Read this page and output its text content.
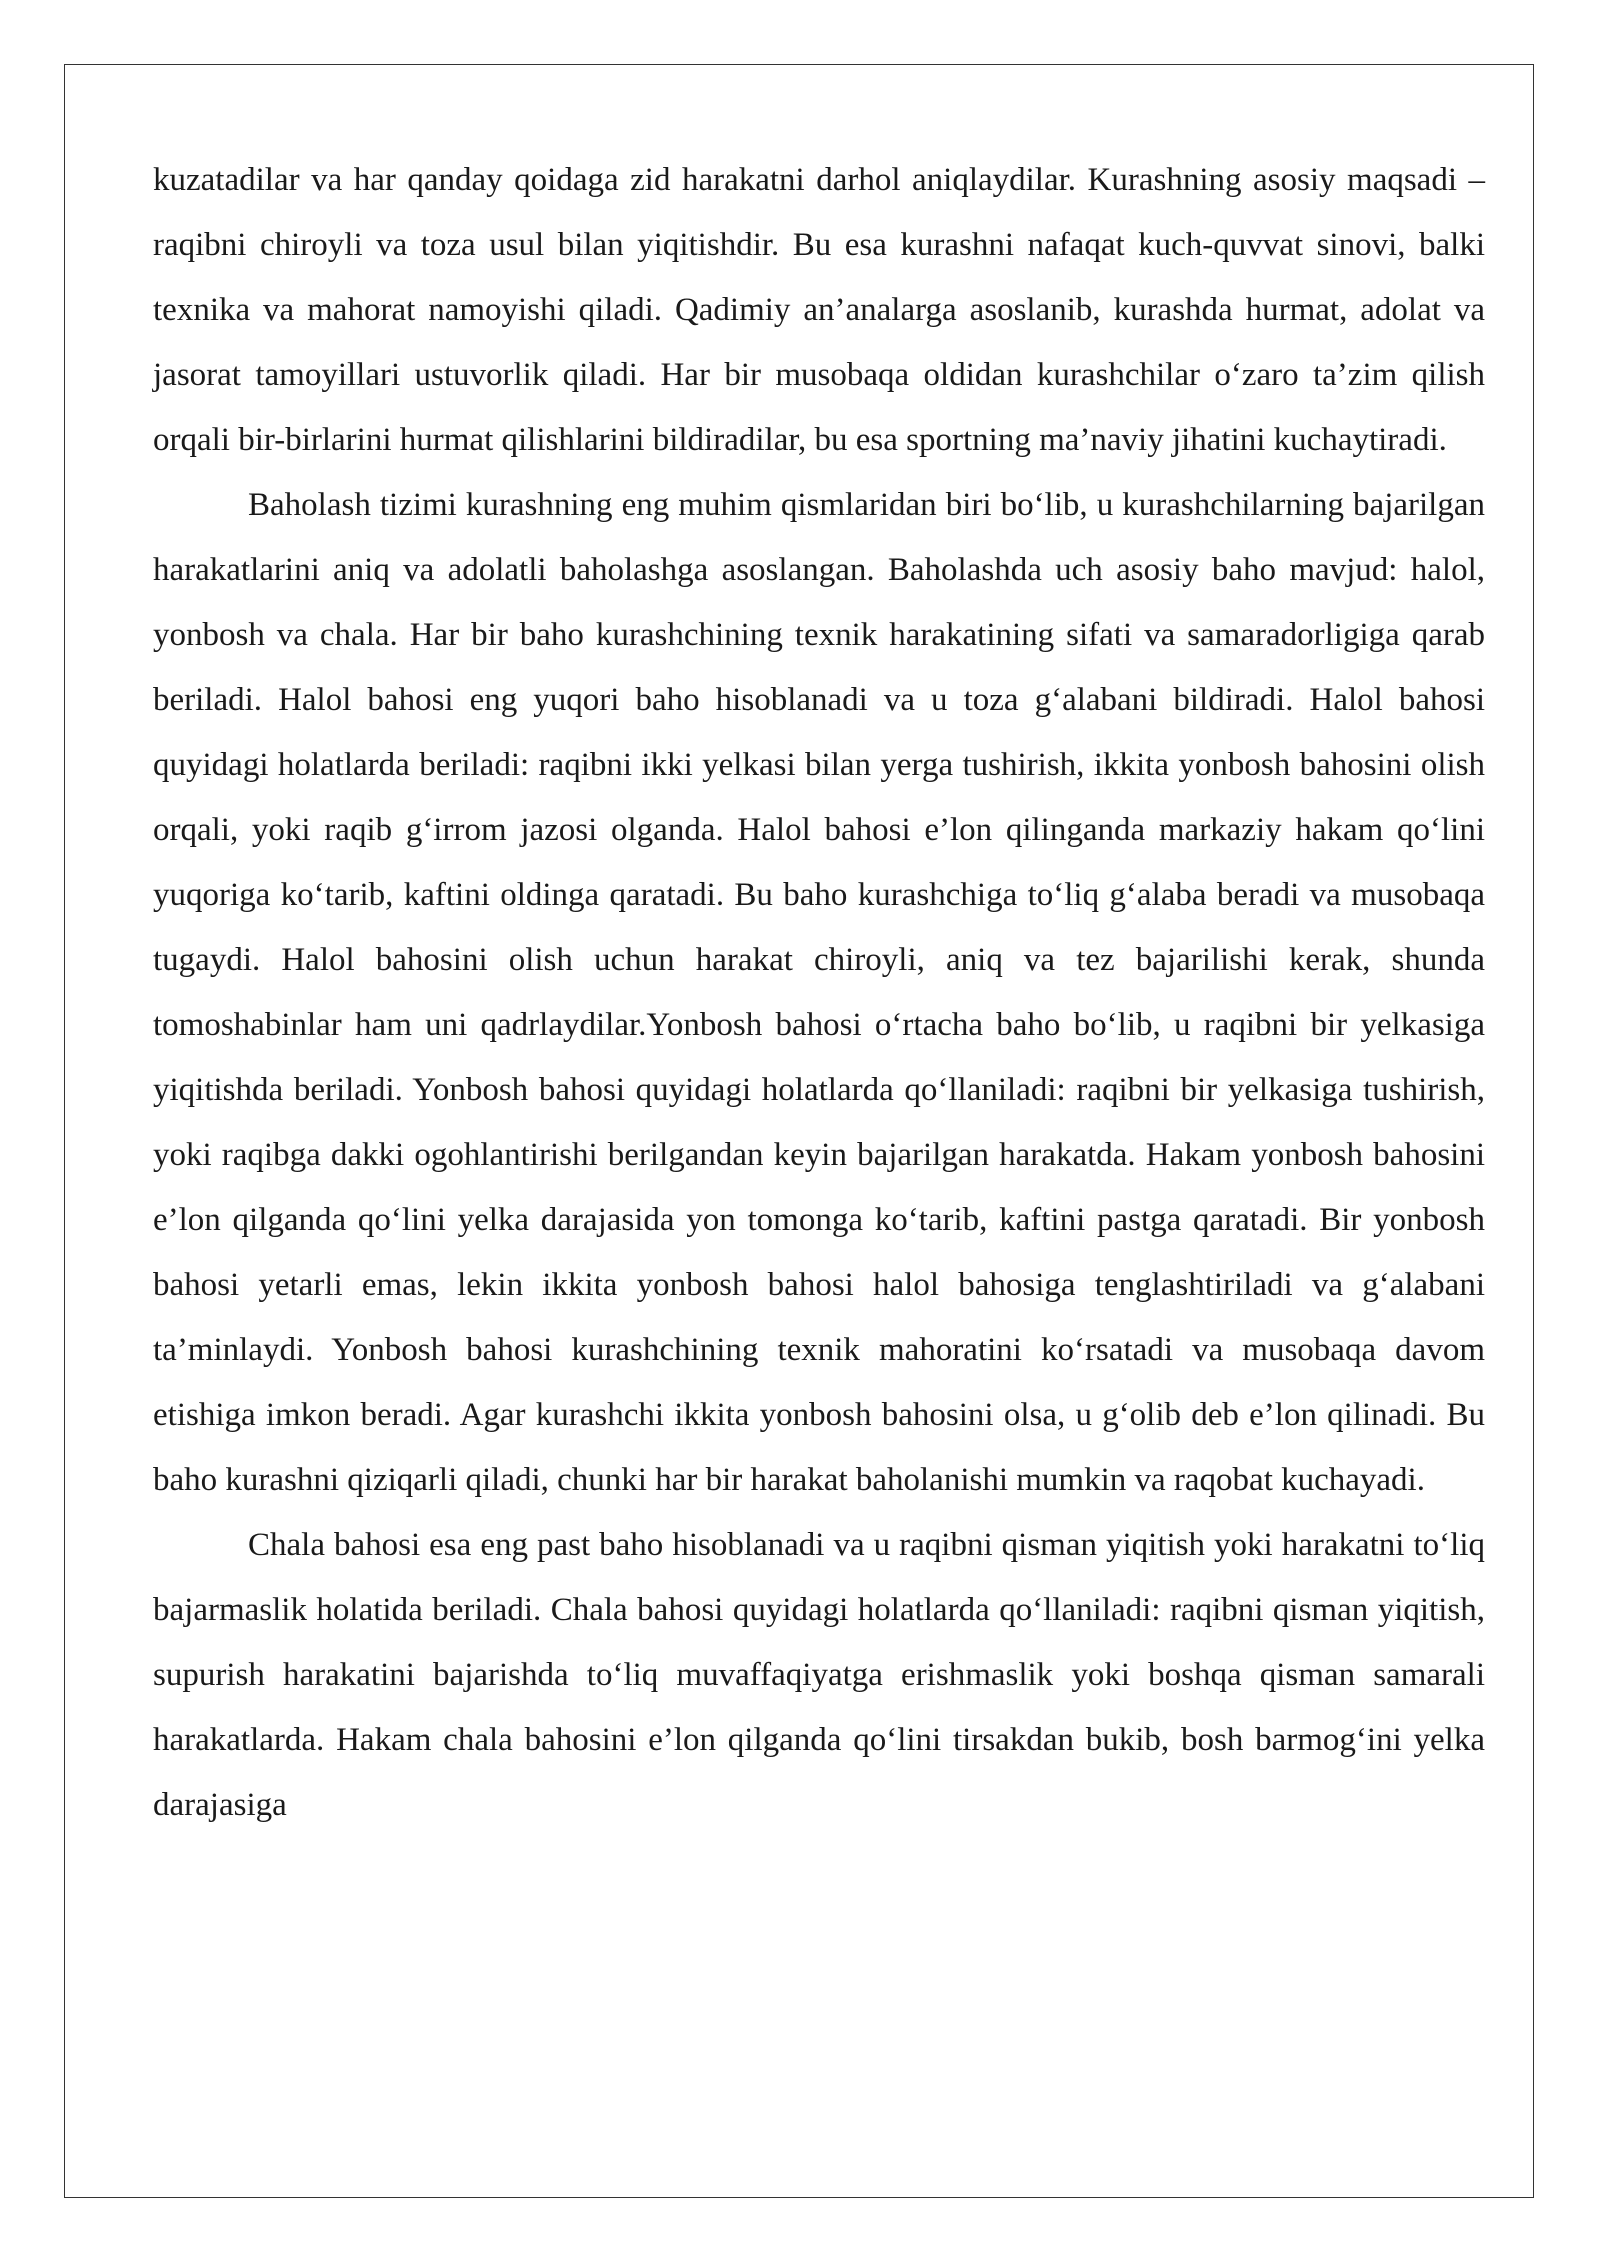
kuzatadilar va har qanday qoidaga zid harakatni darhol aniqlaydilar. Kurashning asosiy maqsadi – raqibni chiroyli va toza usul bilan yiqitishdir. Bu esa kurashni nafaqat kuch-quvvat sinovi, balki texnika va mahorat namoyishi qiladi. Qadimiy an’analarga asoslanib, kurashda hurmat, adolat va jasorat tamoyillari ustuvorlik qiladi. Har bir musobaqa oldidan kurashchilar o‘zaro ta’zim qilish orqali bir-birlarini hurmat qilishlarini bildiradilar, bu esa sportning ma’naviy jihatini kuchaytiradi.

Baholash tizimi kurashning eng muhim qismlaridan biri bo‘lib, u kurashchilarning bajarilgan harakatlarini aniq va adolatli baholashga asoslangan. Baholashda uch asosiy baho mavjud: halol, yonbosh va chala. Har bir baho kurashchining texnik harakatining sifati va samaradorligiga qarab beriladi. Halol bahosi eng yuqori baho hisoblanadi va u toza g‘alabani bildiradi. Halol bahosi quyidagi holatlarda beriladi: raqibni ikki yelkasi bilan yerga tushirish, ikkita yonbosh bahosini olish orqali, yoki raqib g‘irrom jazosi olganda. Halol bahosi e’lon qilinganda markaziy hakam qo‘lini yuqoriga ko‘tarib, kaftini oldinga qaratadi. Bu baho kurashchiga to‘liq g‘alaba beradi va musobaqa tugaydi. Halol bahosini olish uchun harakat chiroyli, aniq va tez bajarilishi kerak, shunda tomoshabinlar ham uni qadrlaydilar.Yonbosh bahosi o‘rtacha baho bo‘lib, u raqibni bir yelkasiga yiqitishda beriladi. Yonbosh bahosi quyidagi holatlarda qo‘llaniladi: raqibni bir yelkasiga tushirish, yoki raqibga dakki ogohlantirishi berilgandan keyin bajarilgan harakatda. Hakam yonbosh bahosini e’lon qilganda qo‘lini yelka darajasida yon tomonga ko‘tarib, kaftini pastga qaratadi. Bir yonbosh bahosi yetarli emas, lekin ikkita yonbosh bahosi halol bahosiga tenglashtiriladi va g‘alabani ta’minlaydi. Yonbosh bahosi kurashchining texnik mahoratini ko‘rsatadi va musobaqa davom etishiga imkon beradi. Agar kurashchi ikkita yonbosh bahosini olsa, u g‘olib deb e’lon qilinadi. Bu baho kurashni qiziqarli qiladi, chunki har bir harakat baholanishi mumkin va raqobat kuchayadi.

Chala bahosi esa eng past baho hisoblanadi va u raqibni qisman yiqitish yoki harakatni to‘liq bajarmaslik holatida beriladi. Chala bahosi quyidagi holatlarda qo‘llaniladi: raqibni qisman yiqitish, supurish harakatini bajarishda to‘liq muvaffaqiyatga erishmaslik yoki boshqa qisman samarali harakatlarda. Hakam chala bahosini e’lon qilganda qo‘lini tirsakdan bukib, bosh barmog‘ini yelka darajasiga
